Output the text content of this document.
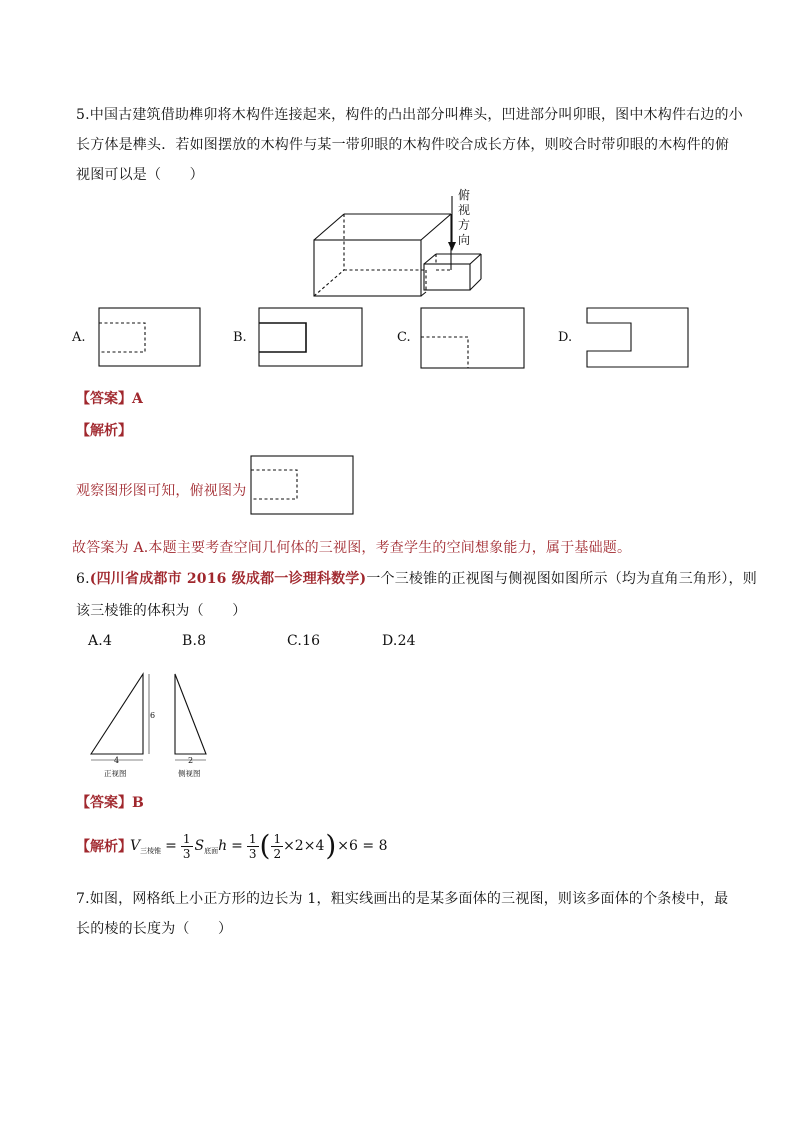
5.中国古建筑借助榫卯将木构件连接起来，构件的凸出部分叫榫头，凹进部分叫卯眼，图中木构件右边的小
长方体是榫头．若如图摆放的木构件与某一带卯眼的木构件咬合成长方体，则咬合时带卯眼的木构件的俯
视图可以是（　　）
俯
视
方
向
A.	B.	C.	D.
【答案】A
【解析】
观察图形图可知，俯视图为
故答案为 A.本题主要考查空间几何体的三视图，考查学生的空间想象能力，属于基础题。
6.(四川省成都市 2016 级成都一诊理科数学)一个三棱锥的正视图与侧视图如图所示（均为直角三角形），则
该三棱锥的体积为（　　）
A.4	B.8	C.16	D.24
6
4	2
正视图	侧视图
【答案】B
【解析】
V 三棱锥 = $\frac{1}{3}$ S 底面 $h = \frac{1}{3}$ ( $\frac{1}{2} \times 2\times 4$ ) ×6 = 8
7.如图，网格纸上小正方形的边长为 1，粗实线画出的是某多面体的三视图，则该多面体的个条棱中，最
长的棱的长度为（　　）
